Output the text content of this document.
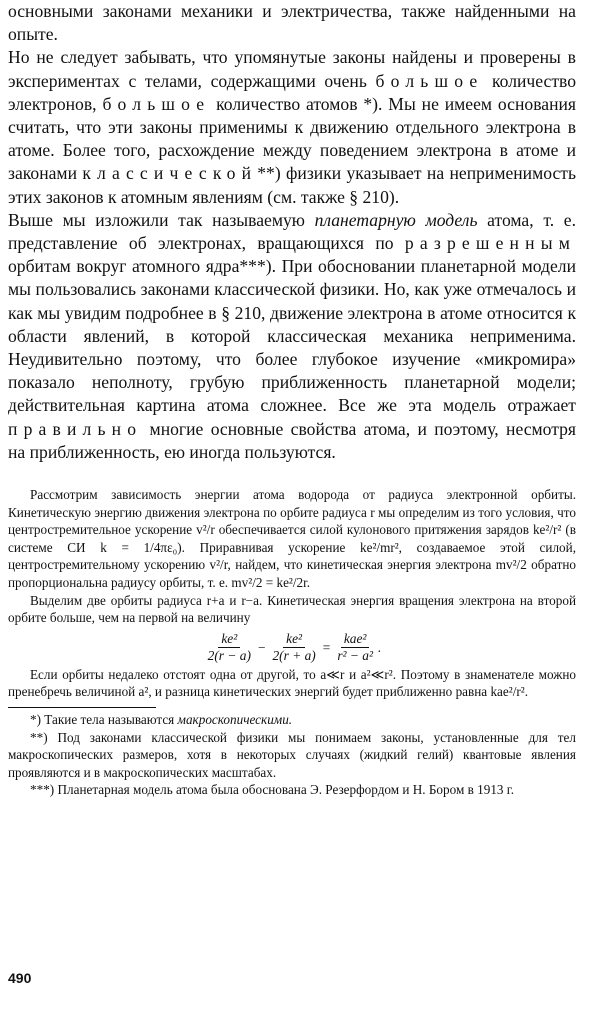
основными законами механики и электричества, также найденными на опыте.

Но не следует забывать, что упомянутые законы найдены и проверены в экспериментах с телами, содержащими очень большое количество электронов, большое количество атомов *). Мы не имеем основания считать, что эти законы применимы к движению отдельного электрона в атоме. Более того, расхождение между поведением электрона в атоме и законами классической**) физики указывает на неприменимость этих законов к атомным явлениям (см. также § 210).

Выше мы изложили так называемую планетарную модель атома, т. е. представление об электронах, вращающихся по разрешенным орбитам вокруг атомного ядра***). При обосновании планетарной модели мы пользовались законами классической физики. Но, как уже отмечалось и как мы увидим подробнее в § 210, движение электрона в атоме относится к области явлений, в которой классическая механика неприменима. Неудивительно поэтому, что более глубокое изучение «микромира» показало неполноту, грубую приближенность планетарной модели; действительная картина атома сложнее. Все же эта модель отражает правильно многие основные свойства атома, и поэтому, несмотря на приближенность, ею иногда пользуются.

Рассмотрим зависимость энергии атома водорода от радиуса электронной орбиты. Кинетическую энергию движения электрона по орбите радиуса r мы определим из того условия, что центростремительное ускорение v²/r обеспечивается силой кулонового притяжения зарядов ke²/r² (в системе СИ k = 1/4πε₀). Приравнивая ускорение ke²/mr², создаваемое этой силой, центростремительному ускорению v²/r, найдем, что кинетическая энергия электрона mv²/2 обратно пропорциональна радиусу орбиты, т. е. mv²/2 = ke²/2r.

Выделим две орбиты радиуса r+a и r−a. Кинетическая энергия вращения электрона на второй орбите больше, чем на первой на величину

$\frac{\text{ke²}}{2(r - a)} - \frac{\text{ke²}}{2(r + a)} = \frac{\text{kae²}}{\text{r² − a²}}$ .

Если орбиты недалеко отстоят одна от другой, то a≪r и a²≪r². Поэтому в знаменателе можно пренебречь величиной a², и разница кинетических энергий будет приближенно равна kae²/r².

*) Такие тела называются макроскопическими.

**) Под законами классической физики мы понимаем законы, установленные для тел макроскопических размеров, хотя в некоторых случаях (жидкий гелий) квантовые явления проявляются и в макроскопических масштабах.

***) Планетарная модель атома была обоснована Э. Резерфордом и Н. Бором в 1913 г.

490
